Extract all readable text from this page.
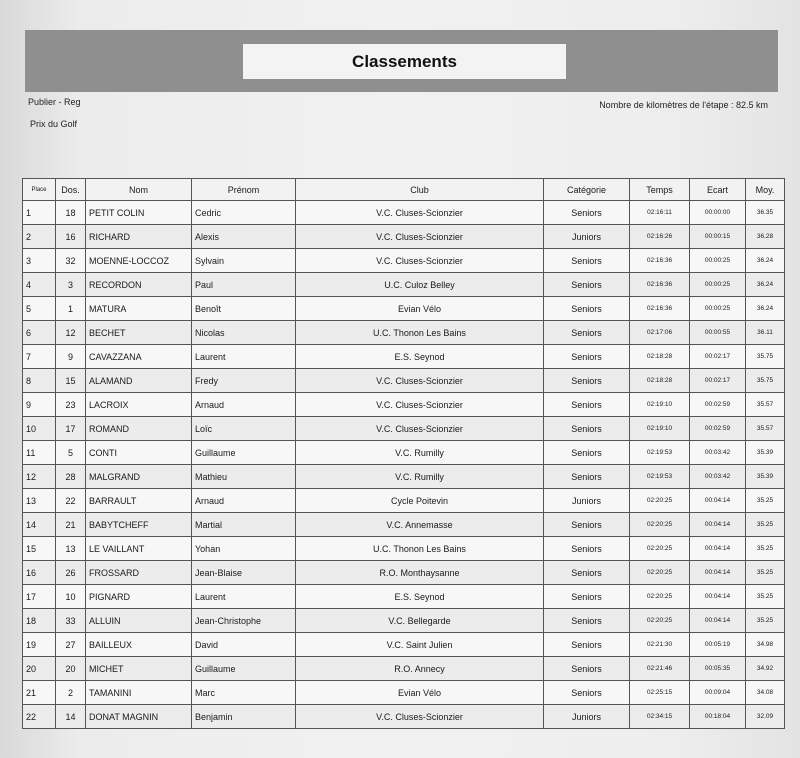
Classements
Publier - Reg
Prix du Golf
Nombre de kilomètres de l'étape : 82.5 km
Place	Dos.	Nom	Prénom	Club	Catégorie	Temps	Ecart	Moy.
1	18	PETIT COLIN	Cedric	V.C. Cluses-Scionzier	Seniors	02:16:11	00:00:00	36.35
2	16	RICHARD	Alexis	V.C. Cluses-Scionzier	Juniors	02:16:26	00:00:15	36.28
3	32	MOENNE-LOCCOZ	Sylvain	V.C. Cluses-Scionzier	Seniors	02:16:36	00:00:25	36.24
4	3	RECORDON	Paul	U.C. Culoz Belley	Seniors	02:16:36	00:00:25	36.24
5	1	MATURA	Benoît	Evian Vélo	Seniors	02:16:36	00:00:25	36.24
6	12	BECHET	Nicolas	U.C. Thonon Les Bains	Seniors	02:17:06	00:00:55	36.11
7	9	CAVAZZANA	Laurent	E.S. Seynod	Seniors	02:18:28	00:02:17	35.75
8	15	ALAMAND	Fredy	V.C. Cluses-Scionzier	Seniors	02:18:28	00:02:17	35.75
9	23	LACROIX	Arnaud	V.C. Cluses-Scionzier	Seniors	02:19:10	00:02:59	35.57
10	17	ROMAND	Loïc	V.C. Cluses-Scionzier	Seniors	02:19:10	00:02:59	35.57
11	5	CONTI	Guillaume	V.C. Rumilly	Seniors	02:19:53	00:03:42	35.39
12	28	MALGRAND	Mathieu	V.C. Rumilly	Seniors	02:19:53	00:03:42	35.39
13	22	BARRAULT	Arnaud	Cycle Poitevin	Juniors	02:20:25	00:04:14	35.25
14	21	BABYTCHEFF	Martial	V.C. Annemasse	Seniors	02:20:25	00:04:14	35.25
15	13	LE VAILLANT	Yohan	U.C. Thonon Les Bains	Seniors	02:20:25	00:04:14	35.25
16	26	FROSSARD	Jean-Blaise	R.O. Monthaysanne	Seniors	02:20:25	00:04:14	35.25
17	10	PIGNARD	Laurent	E.S. Seynod	Seniors	02:20:25	00:04:14	35.25
18	33	ALLUIN	Jean-Christophe	V.C. Bellegarde	Seniors	02:20:25	00:04:14	35.25
19	27	BAILLEUX	David	V.C. Saint Julien	Seniors	02:21:30	00:05:19	34.98
20	20	MICHET	Guillaume	R.O. Annecy	Seniors	02:21:46	00:05:35	34.92
21	2	TAMANINI	Marc	Evian Vélo	Seniors	02:25:15	00:09:04	34.08
22	14	DONAT MAGNIN	Benjamin	V.C. Cluses-Scionzier	Juniors	02:34:15	00:18:04	32.09
